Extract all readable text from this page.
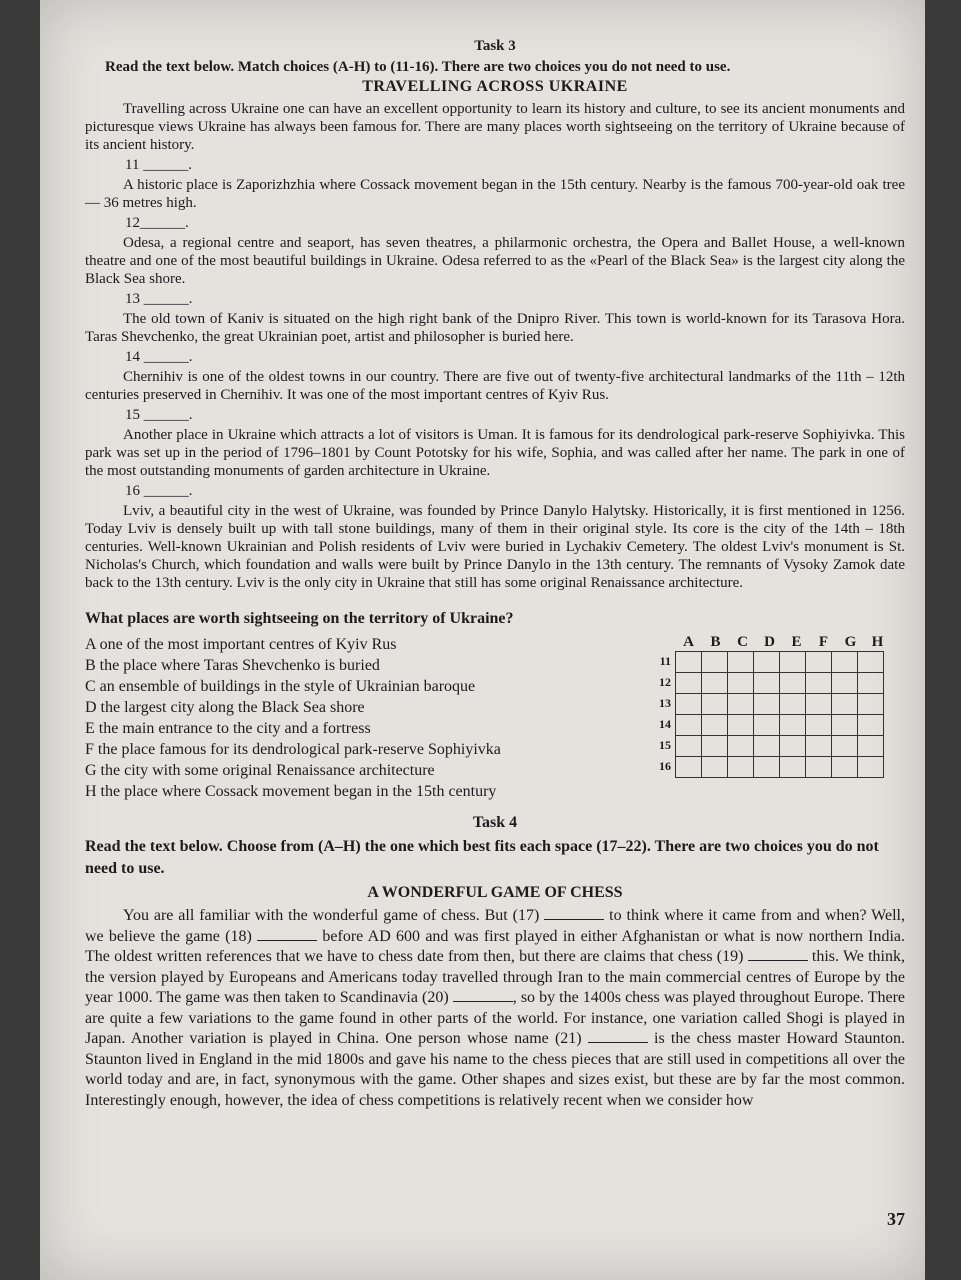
Task 3
Read the text below. Match choices (A-H) to (11-16). There are two choices you do not need to use.
TRAVELLING ACROSS UKRAINE

Travelling across Ukraine one can have an excellent opportunity to learn its history and culture, to see its ancient monuments and picturesque views Ukraine has always been famous for. There are many places worth sightseeing on the territory of Ukraine because of its ancient history.

11 ______.

A historic place is Zaporizhzhia where Cossack movement began in the 15th century. Nearby is the famous 700-year-old oak tree — 36 metres high.

12______.

Odesa, a regional centre and seaport, has seven theatres, a philarmonic orchestra, the Opera and Ballet House, a well-known theatre and one of the most beautiful buildings in Ukraine. Odesa referred to as the «Pearl of the Black Sea» is the largest city along the Black Sea shore.

13 ______.

The old town of Kaniv is situated on the high right bank of the Dnipro River. This town is world-known for its Tarasova Hora. Taras Shevchenko, the great Ukrainian poet, artist and philosopher is buried here.

14 ______.

Chernihiv is one of the oldest towns in our country. There are five out of twenty-five architectural landmarks of the 11th – 12th centuries preserved in Chernihiv. It was one of the most important centres of Kyiv Rus.

15 ______.

Another place in Ukraine which attracts a lot of visitors is Uman. It is famous for its dendrological park-reserve Sophiyivka. This park was set up in the period of 1796–1801 by Count Pototsky for his wife, Sophia, and was called after her name. The park in one of the most outstanding monuments of garden architecture in Ukraine.

16 ______.

Lviv, a beautiful city in the west of Ukraine, was founded by Prince Danylo Halytsky. Historically, it is first mentioned in 1256. Today Lviv is densely built up with tall stone buildings, many of them in their original style. Its core is the city of the 14th – 18th centuries. Well-known Ukrainian and Polish residents of Lviv were buried in Lychakiv Cemetery. The oldest Lviv's monument is St. Nicholas's Church, which foundation and walls were built by Prince Danylo in the 13th century. The remnants of Vysoky Zamok date back to the 13th century. Lviv is the only city in Ukraine that still has some original Renaissance architecture.

What places are worth sightseeing on the territory of Ukraine?
A one of the most important centres of Kyiv Rus
B the place where Taras Shevchenko is buried
C an ensemble of buildings in the style of Ukrainian baroque
D the largest city along the Black Sea shore
E the main entrance to the city and a fortress
F the place famous for its dendrological park-reserve Sophiyivka
G the city with some original Renaissance architecture
H the place where Cossack movement began in the 15th century
A	B	C	D	E	F	G	H
11
12
13
14
15
16
Task 4
Read the text below. Choose from (A–H) the one which best fits each space (17–22). There are two choices you do not need to use.
A WONDERFUL GAME OF CHESS

You are all familiar with the wonderful game of chess. But (17)	to think where it came from and when? Well, we believe the game (18)	before AD 600 and was first played in either Afghanistan or what is now northern India. The oldest written references that we have to chess date from then, but there are claims that chess (19)	this. We think, the version played by Europeans and Americans today travelled through Iran to the main commercial centres of Europe by the year 1000. The game was then taken to Scandinavia (20)	, so by the 1400s chess was played throughout Europe. There are quite a few variations to the game found in other parts of the world. For instance, one variation called Shogi is played in Japan. Another variation is played in China. One person whose name (21)	is the chess master Howard Staunton. Staunton lived in England in the mid 1800s and gave his name to the chess pieces that are still used in competitions all over the world today and are, in fact, synonymous with the game. Other shapes and sizes exist, but these are by far the most common. Interestingly enough, however, the idea of chess competitions is relatively recent when we consider how

37
